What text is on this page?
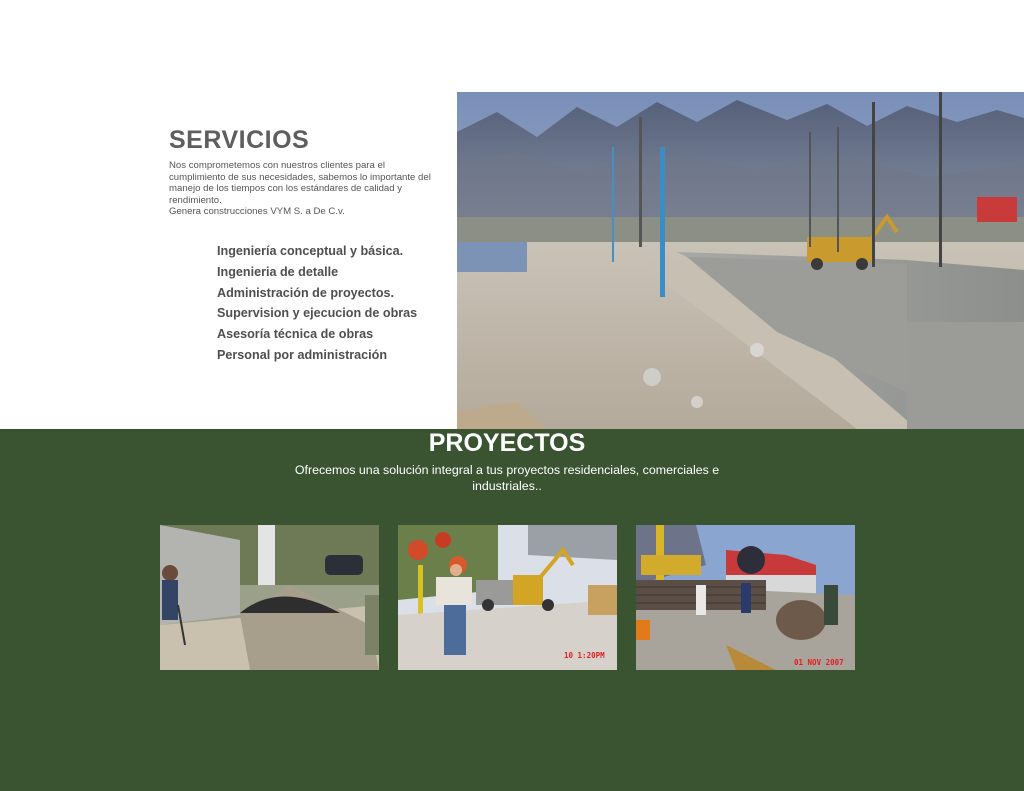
SERVICIOS
Nos comprometemos con nuestros clientes para el
cumplimiento de sus necesidades, sabemos lo importante del
manejo de los tiempos con los estándares de calidad y
rendimiento.
Genera construcciones VYM S. a De C.v.
Ingeniería conceptual y básica.
Ingenieria de detalle
Administración de proyectos.
Supervision y ejecucion de obras
Asesoría técnica de obras
Personal por administración
PROYECTOS

Ofrecemos una solución integral a tus proyectos residenciales, comerciales e industriales..

10 1:20PM
01 NOV 2007
